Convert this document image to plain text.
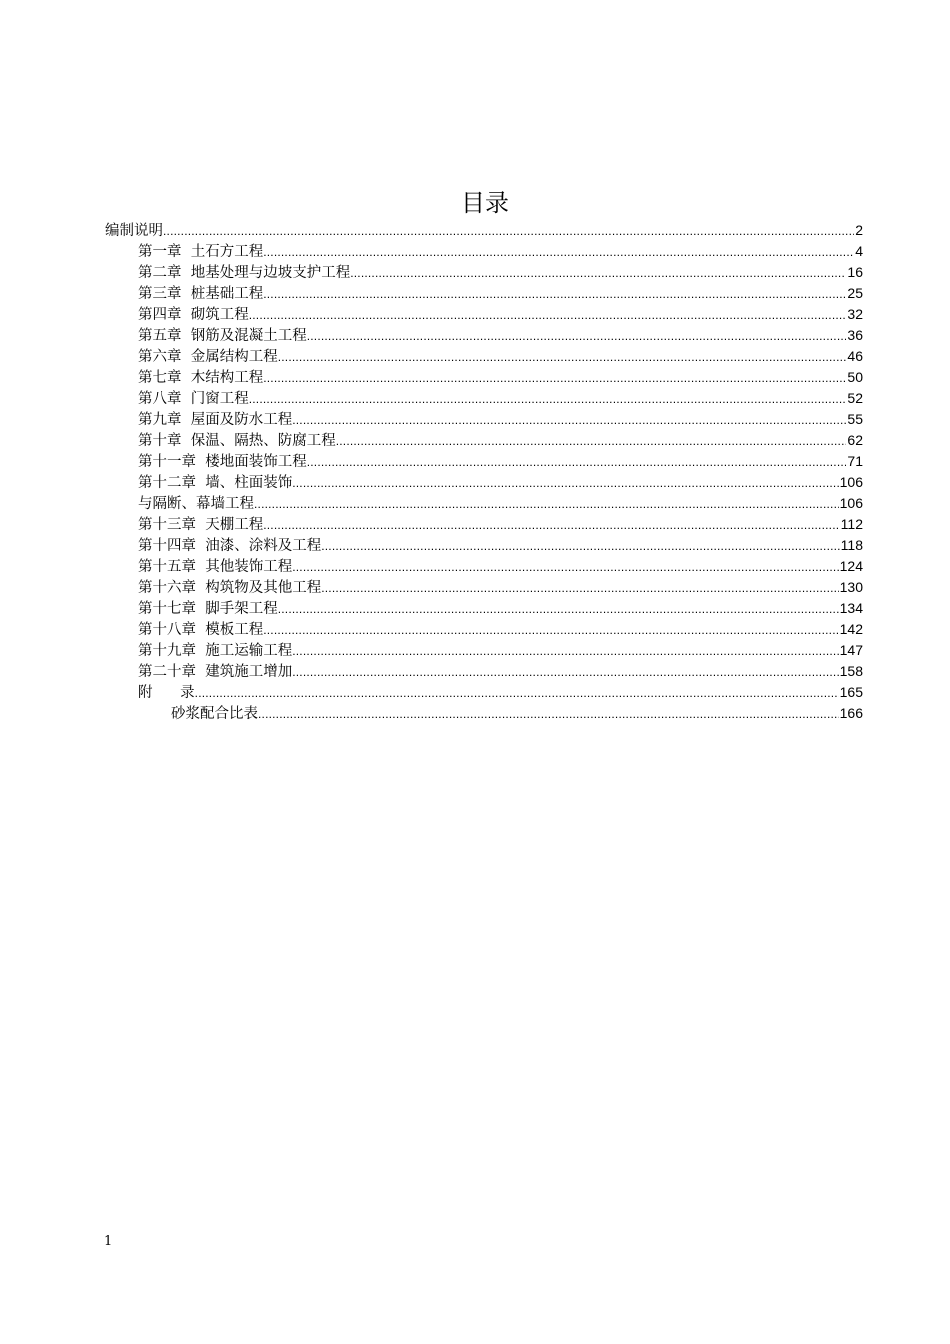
目录
编制说明 .....	2
第一章  土石方工程 .....	4
第二章  地基处理与边坡支护工程 .....	16
第三章  桩基础工程 .....	25
第四章  砌筑工程 .....	32
第五章  钢筋及混凝土工程 .....	36
第六章  金属结构工程 .....	46
第七章  木结构工程 .....	50
第八章  门窗工程 .....	52
第九章  屋面及防水工程 .....	55
第十章  保温、隔热、防腐工程 .....	62
第十一章  楼地面装饰工程 .....	71
第十二章  墙、柱面装饰 .....	106
与隔断、幕墙工程 .....	106
第十三章  天棚工程 .....	112
第十四章  油漆、涂料及工程 .....	118
第十五章  其他装饰工程 .....	124
第十六章  构筑物及其他工程 .....	130
第十七章  脚手架工程 .....	134
第十八章  模板工程 .....	142
第十九章  施工运输工程 .....	147
第二十章  建筑施工增加 .....	158
附      录 .....	165
砂浆配合比表 .....	166
1
